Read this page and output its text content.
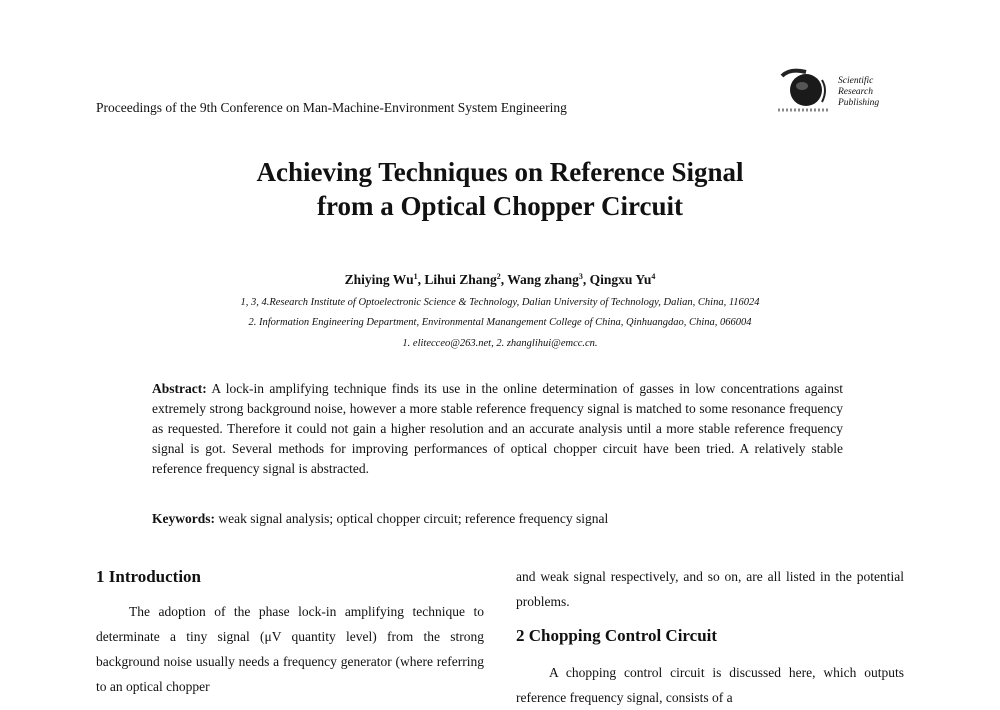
Proceedings of the 9th Conference on Man-Machine-Environment System Engineering
Scientific
Research
Publishing
Achieving Techniques on Reference Signal
from a Optical Chopper Circuit
Zhiying Wu$^1$, Lihui Zhang$^2$, Wang zhang$^3$, Qingxu Yu$^4$
1, 3, 4.Research Institute of Optoelectronic Science & Technology, Dalian University of Technology, Dalian, China, 116024
2. Information Engineering Department, Environmental Manangement College of China, Qinhuangdao, China, 066004
1. elitecceo@263.net, 2. zhanglihui@emcc.cn.
Abstract: A lock-in amplifying technique finds its use in the online determination of gasses in low concentrations against extremely strong background noise, however a more stable reference frequency signal is matched to some resonance frequency as requested. Therefore it could not gain a higher resolution and an accurate analysis until a more stable reference frequency signal is got. Several methods for improving performances of optical chopper circuit have been tried. A relatively stable reference frequency signal is abstracted.
Keywords: weak signal analysis; optical chopper circuit; reference frequency signal
1 Introduction
The adoption of the phase lock-in amplifying technique to determinate a tiny signal (μV quantity level) from the strong background noise usually needs a frequency generator (where referring to an optical chopper
and weak signal respectively, and so on, are all listed in the potential problems.
2 Chopping Control Circuit
A chopping control circuit is discussed here, which outputs reference frequency signal, consists of a
